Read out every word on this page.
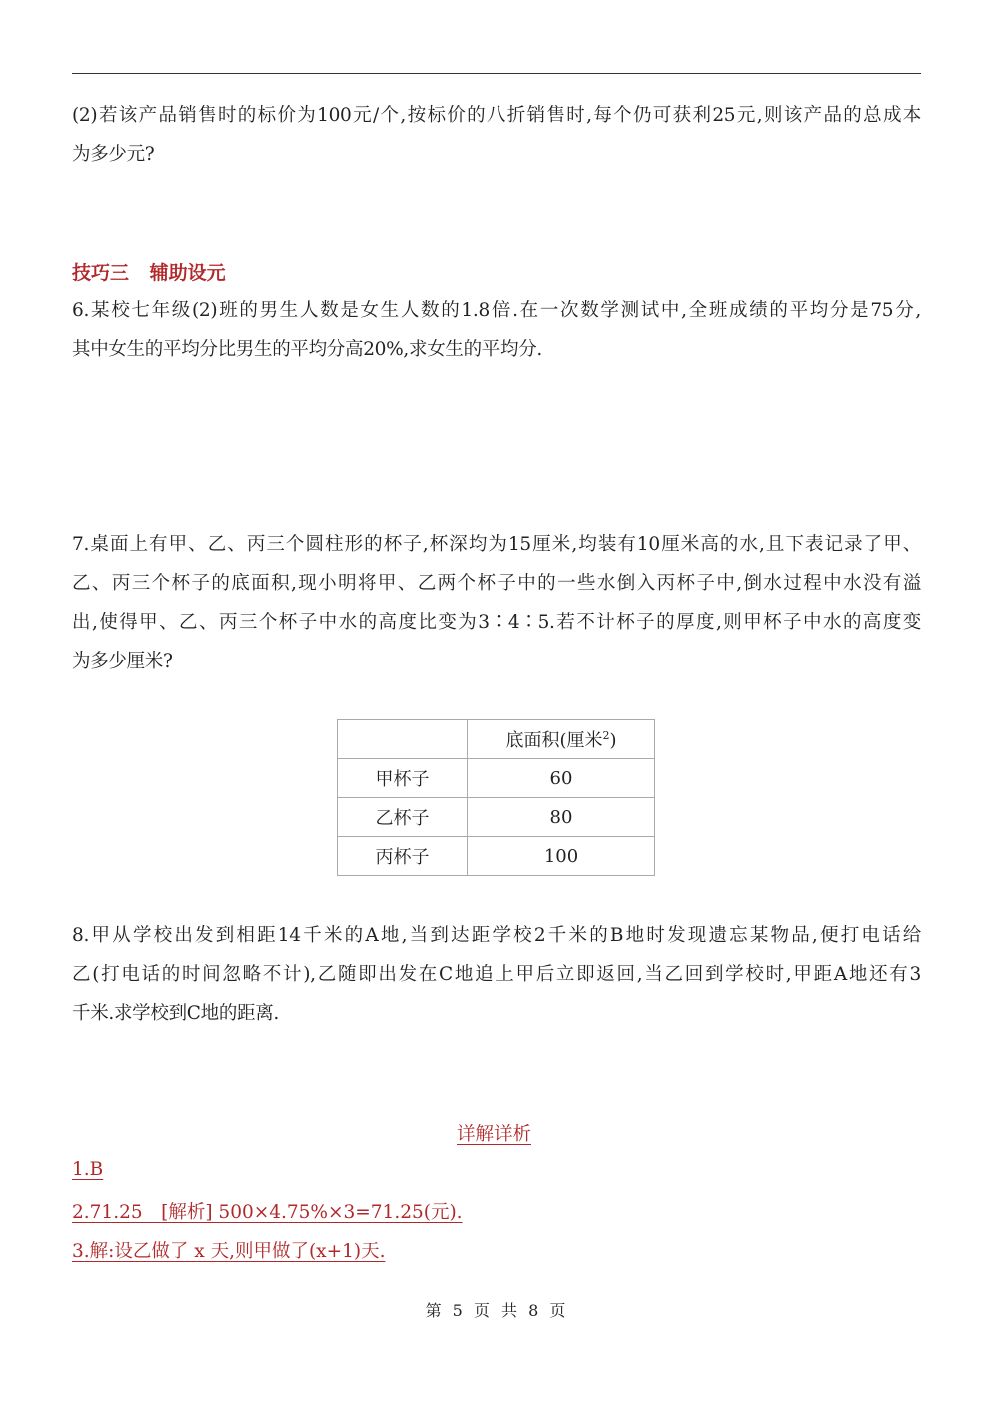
(2)若该产品销售时的标价为100元/个,按标价的八折销售时,每个仍可获利25元,则该产品的总成本
为多少元?
技巧三 辅助设元
6.某校七年级(2)班的男生人数是女生人数的1.8倍.在一次数学测试中,全班成绩的平均分是75分,
其中女生的平均分比男生的平均分高20%,求女生的平均分.
7.桌面上有甲、乙、丙三个圆柱形的杯子,杯深均为15厘米,均装有10厘米高的水,且下表记录了甲、
乙、丙三个杯子的底面积,现小明将甲、乙两个杯子中的一些水倒入丙杯子中,倒水过程中水没有溢
出,使得甲、乙、丙三个杯子中水的高度比变为3∶4∶5.若不计杯子的厚度,则甲杯子中水的高度变
为多少厘米?
	底面积(厘米$^2$)
甲杯子	60
乙杯子	80
丙杯子	100
8.甲从学校出发到相距14千米的A地,当到达距学校2千米的B地时发现遗忘某物品,便打电话给
乙(打电话的时间忽略不计),乙随即出发在C地追上甲后立即返回,当乙回到学校时,甲距A地还有3
千米.求学校到C地的距离.
详解详析
1.B
2.71.25　[解析] 500×4.75%×3=71.25(元).
3.解:设乙做了 x 天,则甲做了(x+1)天.
第 5 页 共 8 页
